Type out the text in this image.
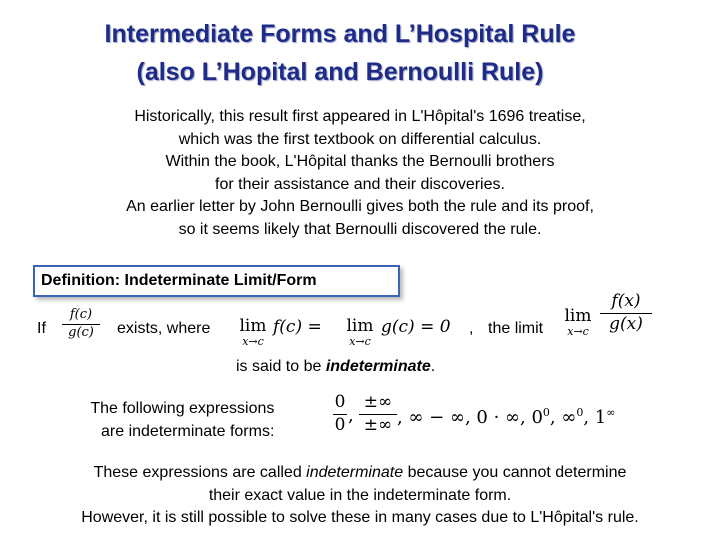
Intermediate Forms and L’Hospital Rule
(also L’Hopital and Bernoulli Rule)
Historically, this result first appeared in L'Hôpital's 1696 treatise,
which was the first textbook on differential calculus.
Within the book, L'Hôpital thanks the Bernoulli brothers
for their assistance and their discoveries.
An earlier letter by John Bernoulli gives both the rule and its proof,
so it seems likely that Bernoulli discovered the rule.
Definition: Indeterminate Limit/Form
If
f(c)
g(c)	exists, where lim
x→c
f(c) = lim
x→c
g(c) = 0 , the limit
lim
x→c
f(x)
g(x)
is said to be indeterminate.
The following expressions
are indeterminate forms:
0
0 ,
±∞
±∞ , ∞ − ∞, 0 · ∞, $0^0$, ∞$^0$, 1∞
These expressions are called indeterminate because you cannot determine
their exact value in the indeterminate form.
However, it is still possible to solve these in many cases due to L'Hôpital's rule.
